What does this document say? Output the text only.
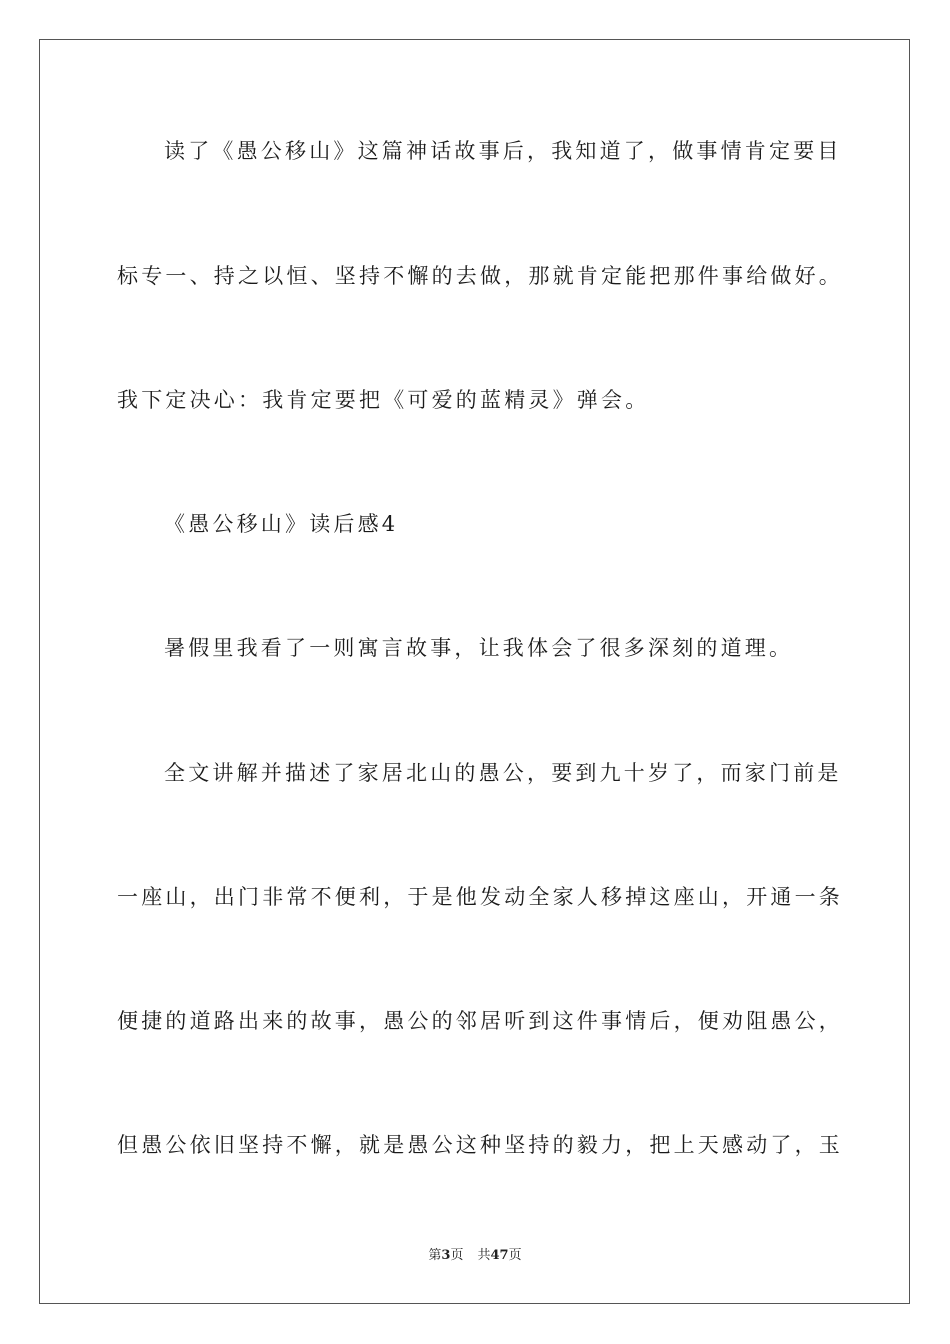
读了《愚公移山》这篇神话故事后，我知道了，做事情肯定要目
标专一、持之以恒、坚持不懈的去做，那就肯定能把那件事给做好。
我下定决心：我肯定要把《可爱的蓝精灵》弹会。
《愚公移山》读后感4
暑假里我看了一则寓言故事，让我体会了很多深刻的道理。
全文讲解并描述了家居北山的愚公，要到九十岁了，而家门前是
一座山，出门非常不便利，于是他发动全家人移掉这座山，开通一条
便捷的道路出来的故事，愚公的邻居听到这件事情后，便劝阻愚公，
但愚公依旧坚持不懈，就是愚公这种坚持的毅力，把上天感动了，玉
第3页 共47页
